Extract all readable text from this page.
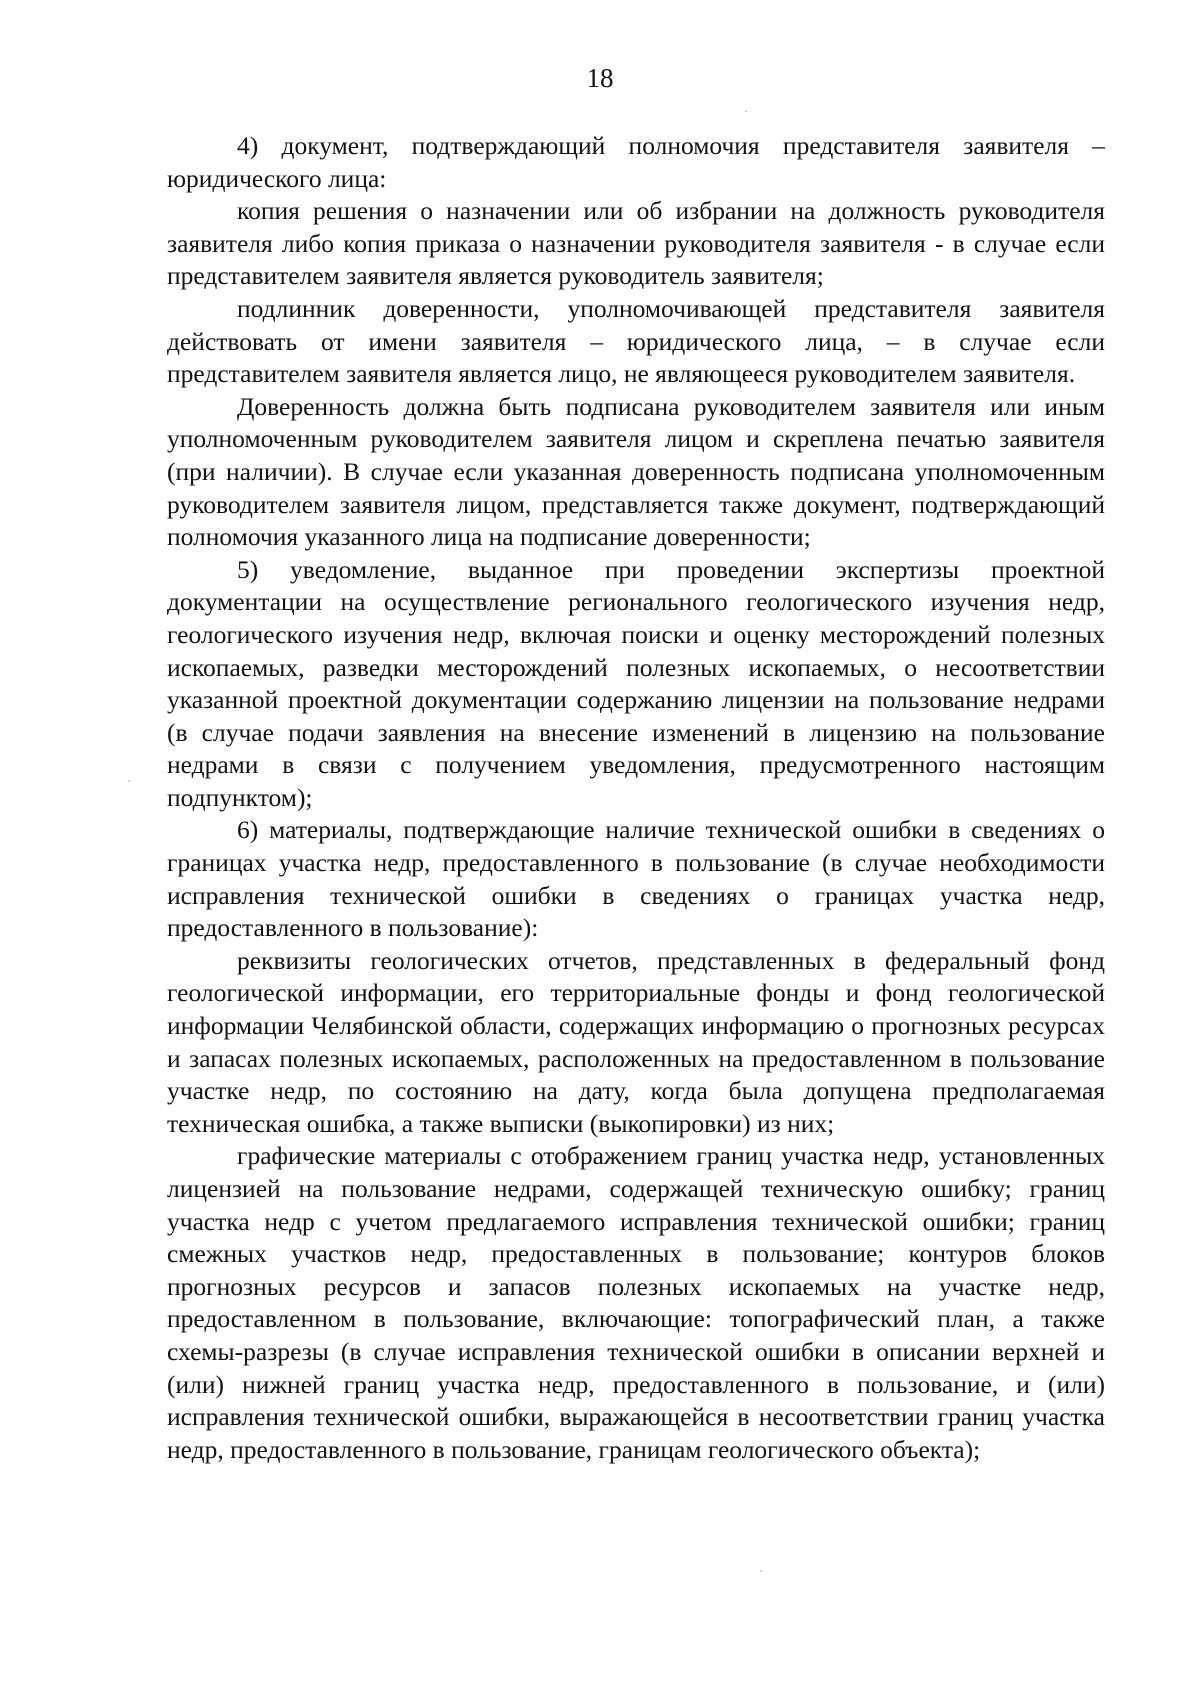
18

4) документ, подтверждающий полномочия представителя заявителя – юридического лица:

копия решения о назначении или об избрании на должность руководителя заявителя либо копия приказа о назначении руководителя заявителя - в случае если представителем заявителя является руководитель заявителя;

подлинник доверенности, уполномочивающей представителя заявителя действовать от имени заявителя – юридического лица, – в случае если представителем заявителя является лицо, не являющееся руководителем заявителя.

Доверенность должна быть подписана руководителем заявителя или иным уполномоченным руководителем заявителя лицом и скреплена печатью заявителя (при наличии). В случае если указанная доверенность подписана уполномоченным руководителем заявителя лицом, представляется также документ, подтверждающий полномочия указанного лица на подписание доверенности;

5) уведомление, выданное при проведении экспертизы проектной документации на осуществление регионального геологического изучения недр, геологического изучения недр, включая поиски и оценку месторождений полезных ископаемых, разведки месторождений полезных ископаемых, о несоответствии указанной проектной документации содержанию лицензии на пользование недрами (в случае подачи заявления на внесение изменений в лицензию на пользование недрами в связи с получением уведомления, предусмотренного настоящим подпунктом);

6) материалы, подтверждающие наличие технической ошибки в сведениях о границах участка недр, предоставленного в пользование (в случае необходимости исправления технической ошибки в сведениях о границах участка недр, предоставленного в пользование):

реквизиты геологических отчетов, представленных в федеральный фонд геологической информации, его территориальные фонды и фонд геологической информации Челябинской области, содержащих информацию о прогнозных ресурсах и запасах полезных ископаемых, расположенных на предоставленном в пользование участке недр, по состоянию на дату, когда была допущена предполагаемая техническая ошибка, а также выписки (выкопировки) из них;

графические материалы с отображением границ участка недр, установленных лицензией на пользование недрами, содержащей техническую ошибку; границ участка недр с учетом предлагаемого исправления технической ошибки; границ смежных участков недр, предоставленных в пользование; контуров блоков прогнозных ресурсов и запасов полезных ископаемых на участке недр, предоставленном в пользование, включающие: топографический план, а также схемы-разрезы (в случае исправления технической ошибки в описании верхней и (или) нижней границ участка недр, предоставленного в пользование, и (или) исправления технической ошибки, выражающейся в несоответствии границ участка недр, предоставленного в пользование, границам геологического объекта);
